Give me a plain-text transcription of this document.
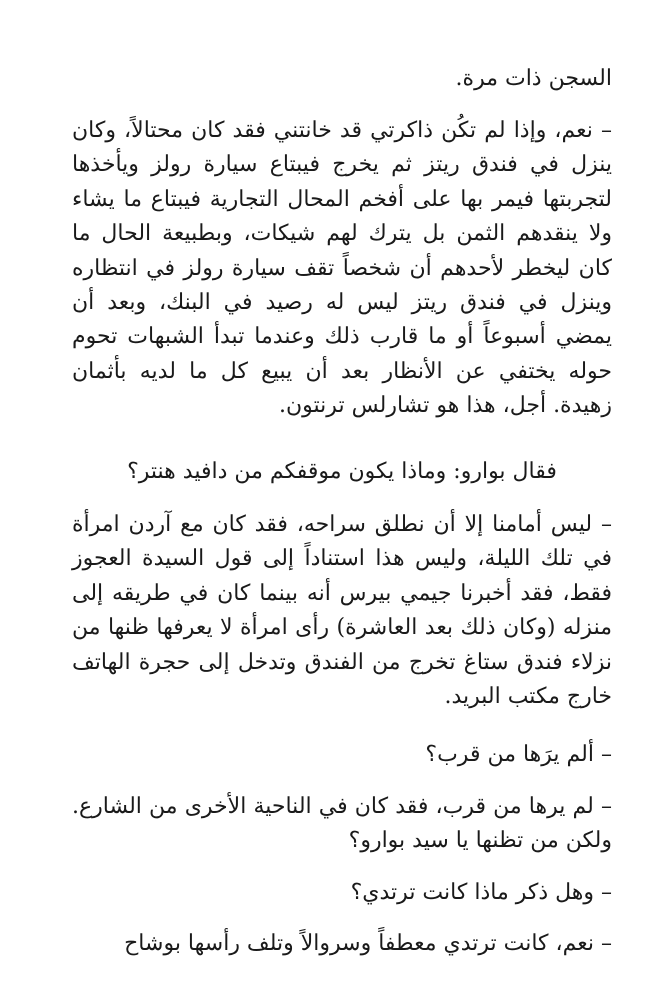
السجن ذات مرة.

– نعم، وإذا لم تكُن ذاكرتي قد خانتني فقد كان محتالاً، وكان ينزل في فندق ريتز ثم يخرج فيبتاع سيارة رولز ويأخذها لتجربتها فيمر بها على أفخم المحال التجارية فيبتاع ما يشاء ولا ينقدهم الثمن بل يترك لهم شيكات، وبطبيعة الحال ما كان ليخطر لأحدهم أن شخصاً تقف سيارة رولز في انتظاره وينزل في فندق ريتز ليس له رصيد في البنك، وبعد أن يمضي أسبوعاً أو ما قارب ذلك وعندما تبدأ الشبهات تحوم حوله يختفي عن الأنظار بعد أن يبيع كل ما لديه بأثمان زهيدة. أجل، هذا هو تشارلس ترنتون.

فقال بوارو: وماذا يكون موقفكم من دافيد هنتر؟

– ليس أمامنا إلا أن نطلق سراحه، فقد كان مع آردن امرأة في تلك الليلة، وليس هذا استناداً إلى قول السيدة العجوز فقط، فقد أخبرنا جيمي بيرس أنه بينما كان في طريقه إلى منزله (وكان ذلك بعد العاشرة) رأى امرأة لا يعرفها ظنها من نزلاء فندق ستاغ تخرج من الفندق وتدخل إلى حجرة الهاتف خارج مكتب البريد.

– ألم يرَها من قرب؟

– لم يرها من قرب، فقد كان في الناحية الأخرى من الشارع. ولكن من تظنها يا سيد بوارو؟

– وهل ذكر ماذا كانت ترتدي؟

– نعم، كانت ترتدي معطفاً وسروالاً وتلف رأسها بوشاح
